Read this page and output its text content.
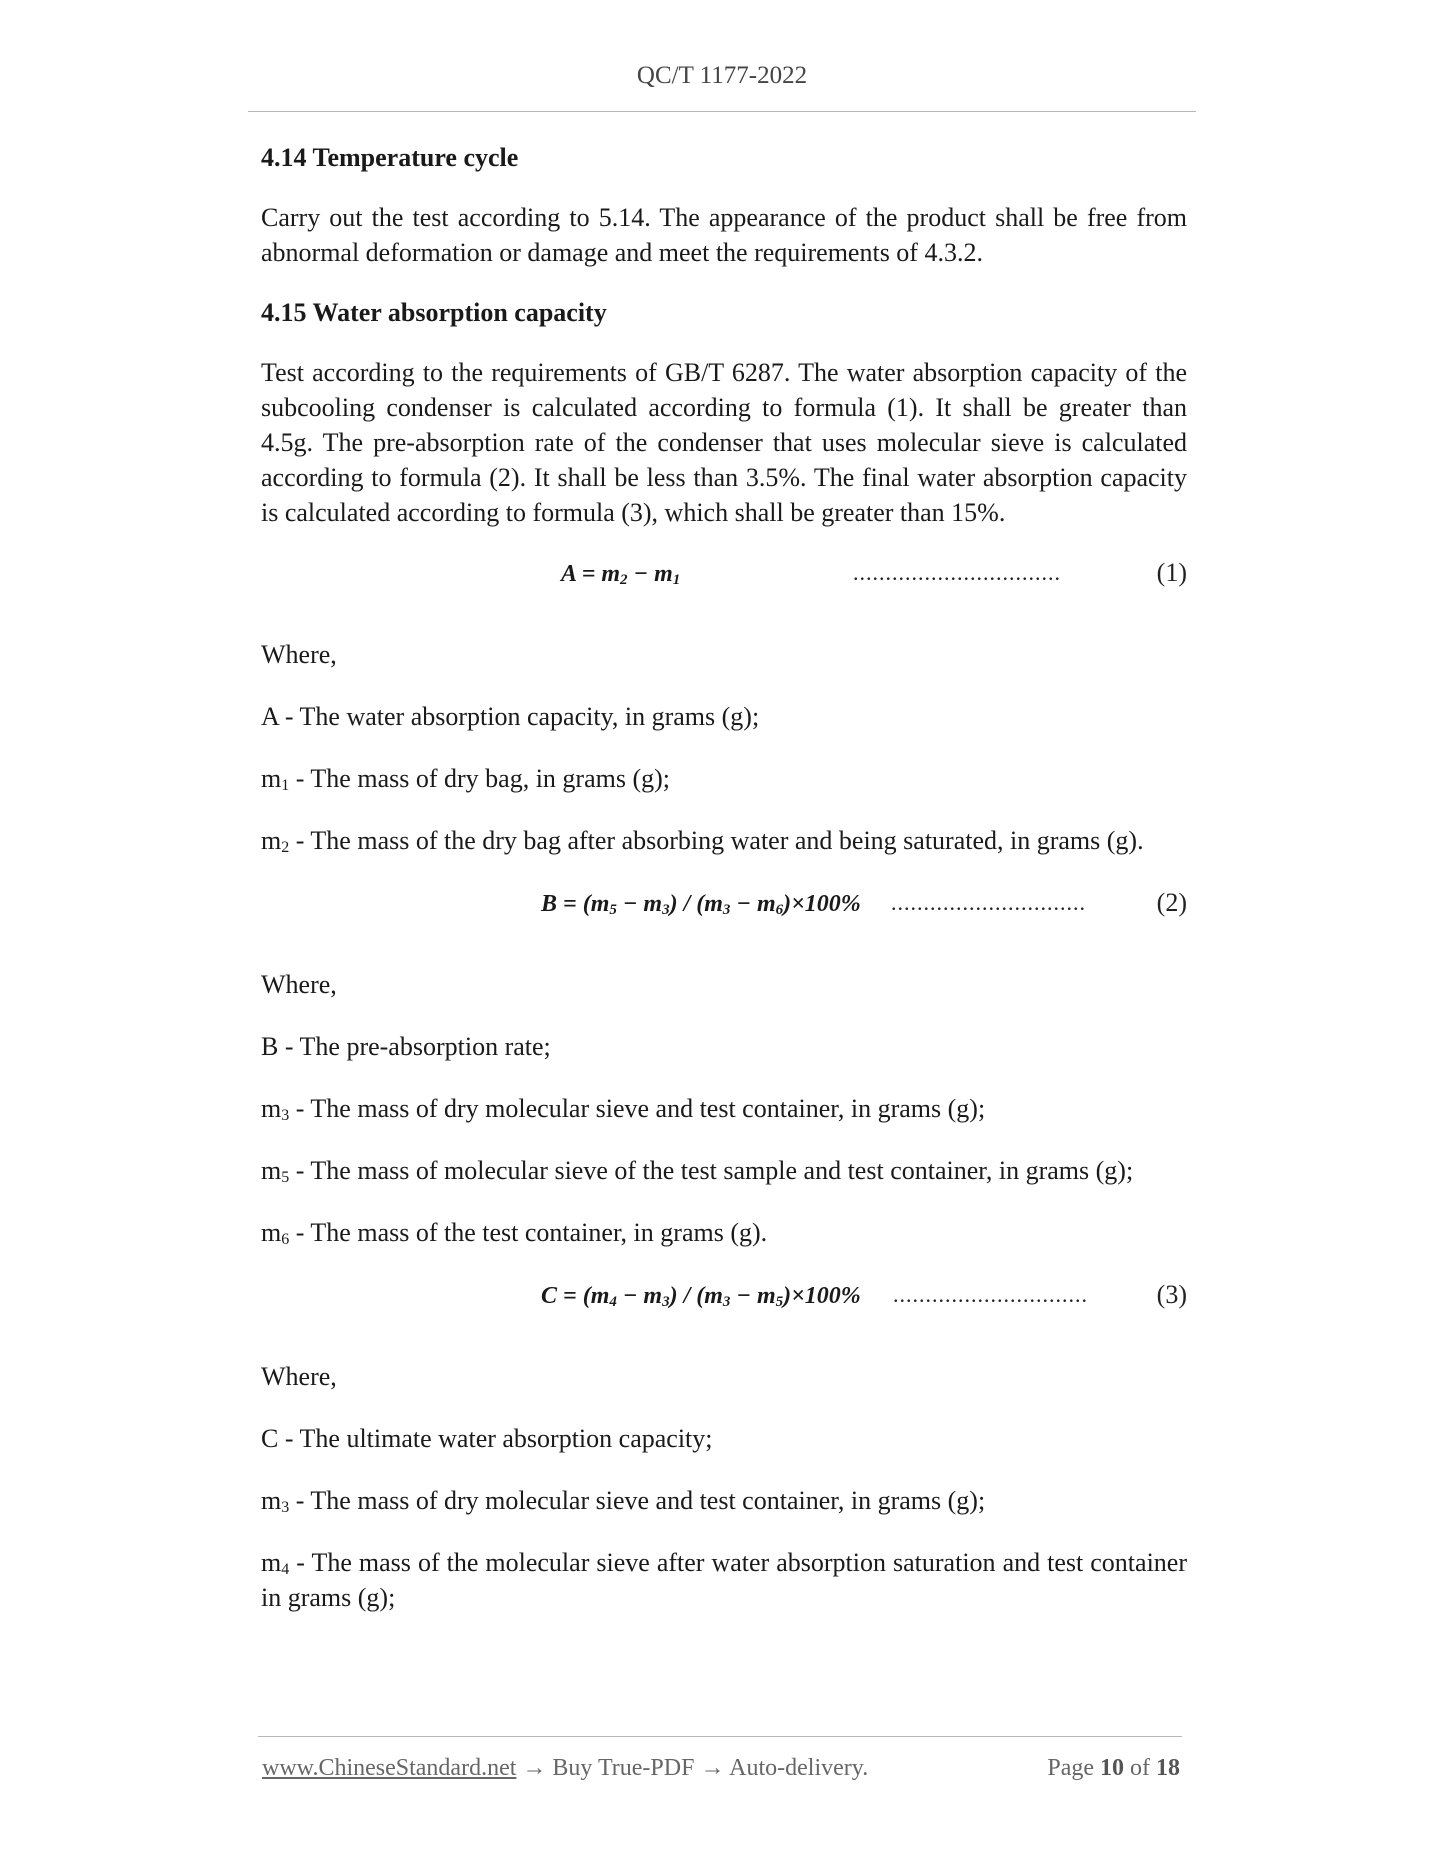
QC/T 1177-2022
4.14 Temperature cycle

Carry out the test according to 5.14. The appearance of the product shall be free from abnormal deformation or damage and meet the requirements of 4.3.2.

4.15 Water absorption capacity

Test according to the requirements of GB/T 6287. The water absorption capacity of the subcooling condenser is calculated according to formula (1). It shall be greater than 4.5g. The pre-absorption rate of the condenser that uses molecular sieve is calculated according to formula (2). It shall be less than 3.5%. The final water absorption capacity is calculated according to formula (3), which shall be greater than 15%.

$A = m_2 - m_1$	................................	(1)
Where,
A - The water absorption capacity, in grams (g);
$m_1$ - The mass of dry bag, in grams (g);
$m_2$ - The mass of the dry bag after absorbing water and being saturated, in grams (g).
$B = (m_5 - m_3) / (m_3 - m_6)\times 100\%$ ..............................	(2)
Where,
B - The pre-absorption rate;
$m_3$ - The mass of dry molecular sieve and test container, in grams (g);
$m_5$ - The mass of molecular sieve of the test sample and test container, in grams (g);
$m_6$ - The mass of the test container, in grams (g).
$C = (m_4 - m_3) / (m_3 - m_5)\times 100\%$ ..............................	(3)
Where,
C - The ultimate water absorption capacity;
$m_3$ - The mass of dry molecular sieve and test container, in grams (g);
$m_4$ - The mass of the molecular sieve after water absorption saturation and test container in grams (g);
www.ChineseStandard.net → Buy True-PDF → Auto-delivery.	Page 10 of 18
